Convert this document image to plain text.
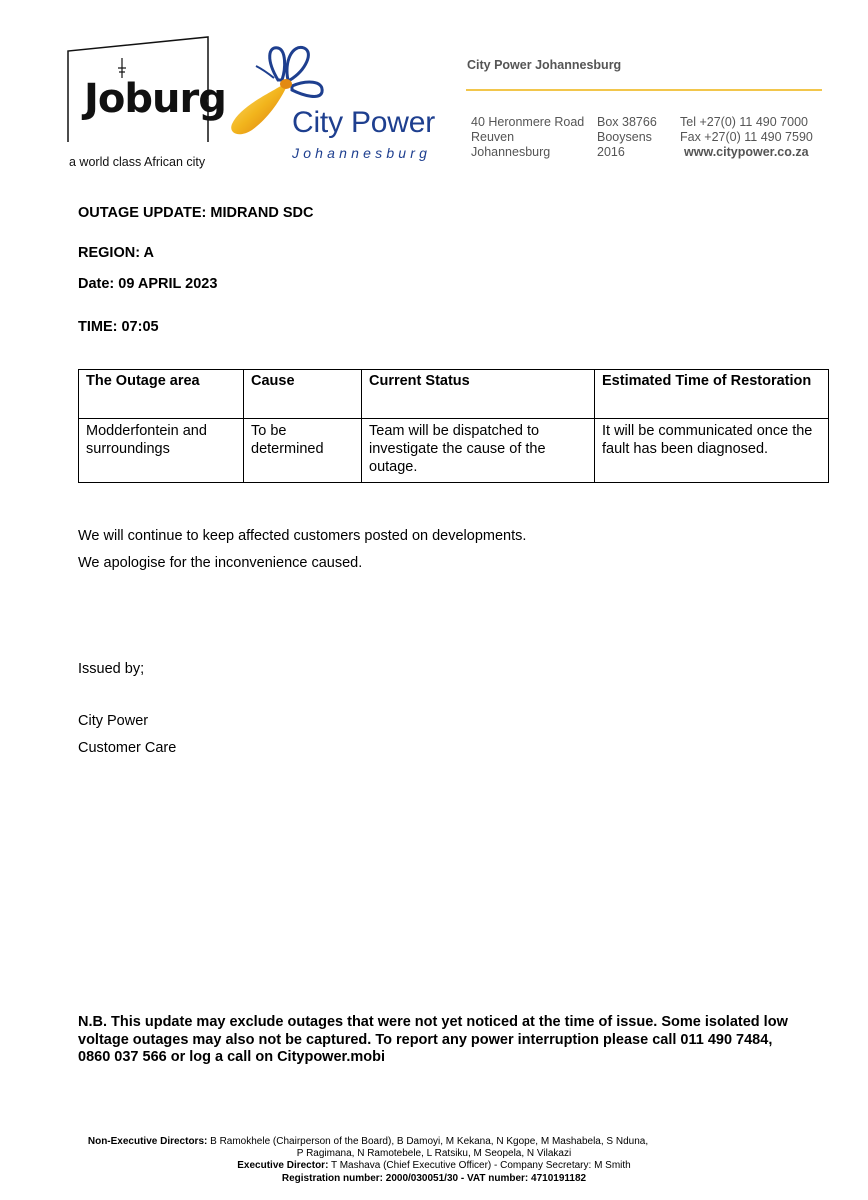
Joburg
a world class African city
City Power
Johannesburg
City Power Johannesburg
40 Heronmere Road
Reuven
Johannesburg
Box 38766
Booysens
2016
Tel +27(0) 11 490 7000
Fax +27(0) 11 490 7590
www.citypower.co.za
OUTAGE UPDATE: MIDRAND SDC
REGION: A
Date: 09 APRIL 2023
TIME: 07:05
The Outage area	Cause	Current Status	Estimated Time of Restoration
Modderfontein and surroundings	To be determined	Team will be dispatched to investigate the cause of the outage.	It will be communicated once the fault has been diagnosed.
We will continue to keep affected customers posted on developments.
We apologise for the inconvenience caused.
Issued by;
City Power
Customer Care
N.B. This update may exclude outages that were not yet noticed at the time of issue. Some isolated low voltage outages may also not be captured. To report any power interruption please call 011 490 7484, 0860 037 566 or log a call on Citypower.mobi
Non-Executive Directors: B Ramokhele (Chairperson of the Board), B Damoyi, M Kekana, N Kgope, M Mashabela, S Nduna,
P Ragimana, N Ramotebele, L Ratsiku, M Seopela, N Vilakazi
Executive Director: T Mashava (Chief Executive Officer) - Company Secretary: M Smith
Registration number: 2000/030051/30 - VAT number: 4710191182
